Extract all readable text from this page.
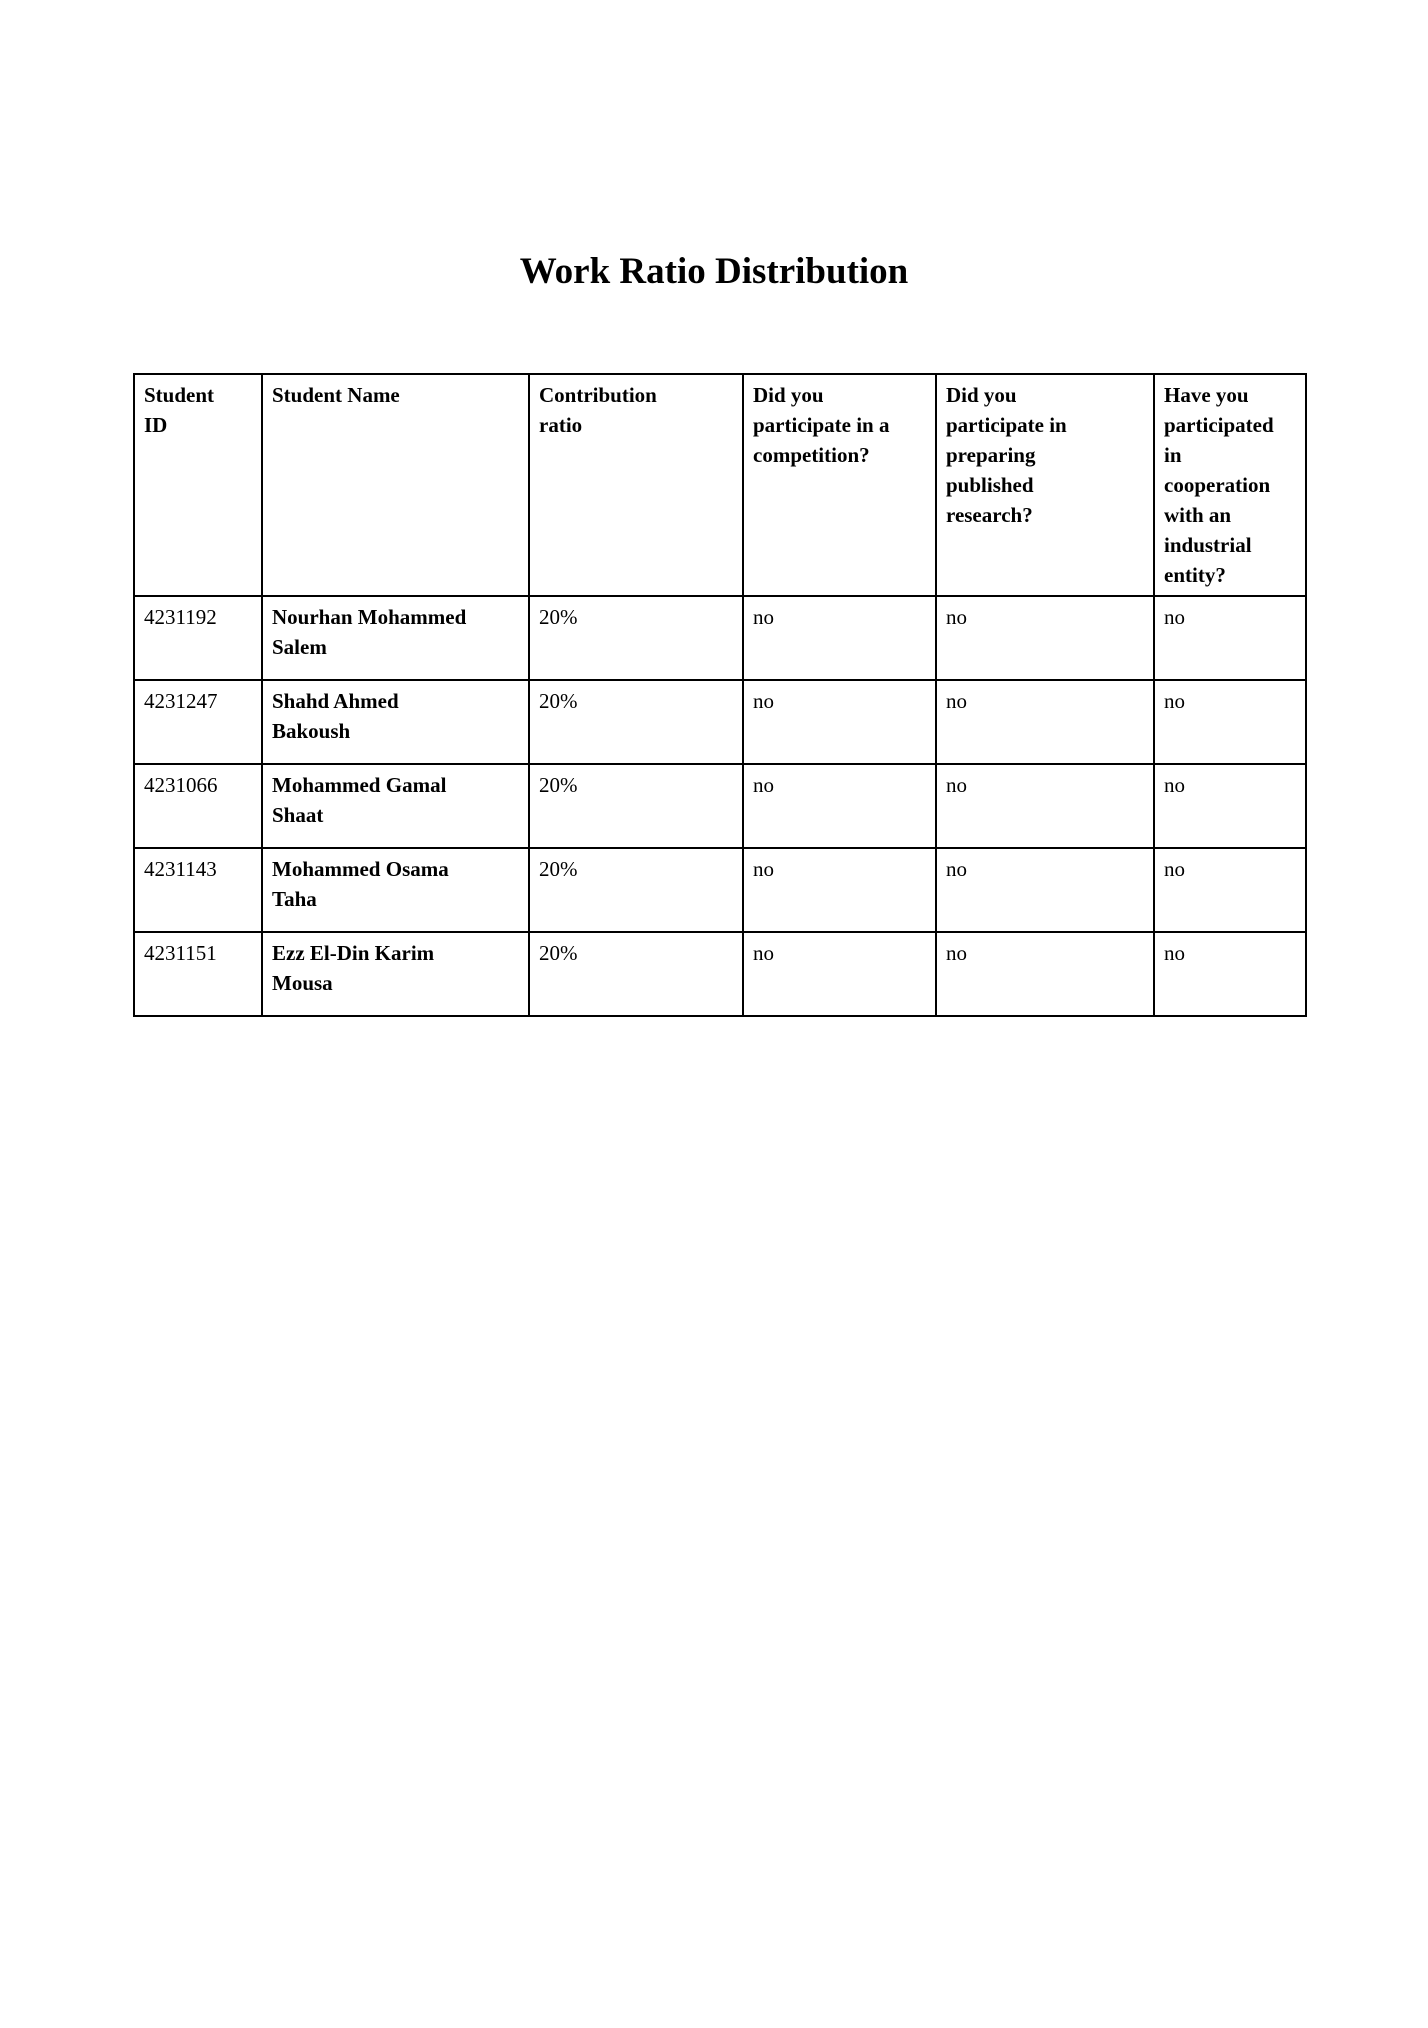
Work Ratio Distribution
Student ID	Student Name	Contribution ratio	Did you participate in a competition?	Did you participate in preparing published research?	Have you participated in cooperation with an industrial entity?

4231192	Nourhan Mohammed Salem	20%	no	no	no
4231247	Shahd Ahmed Bakoush	20%	no	no	no
4231066	Mohammed Gamal Shaat	20%	no	no	no
4231143	Mohammed Osama Taha	20%	no	no	no
4231151	Ezz El-Din Karim Mousa	20%	no	no	no
